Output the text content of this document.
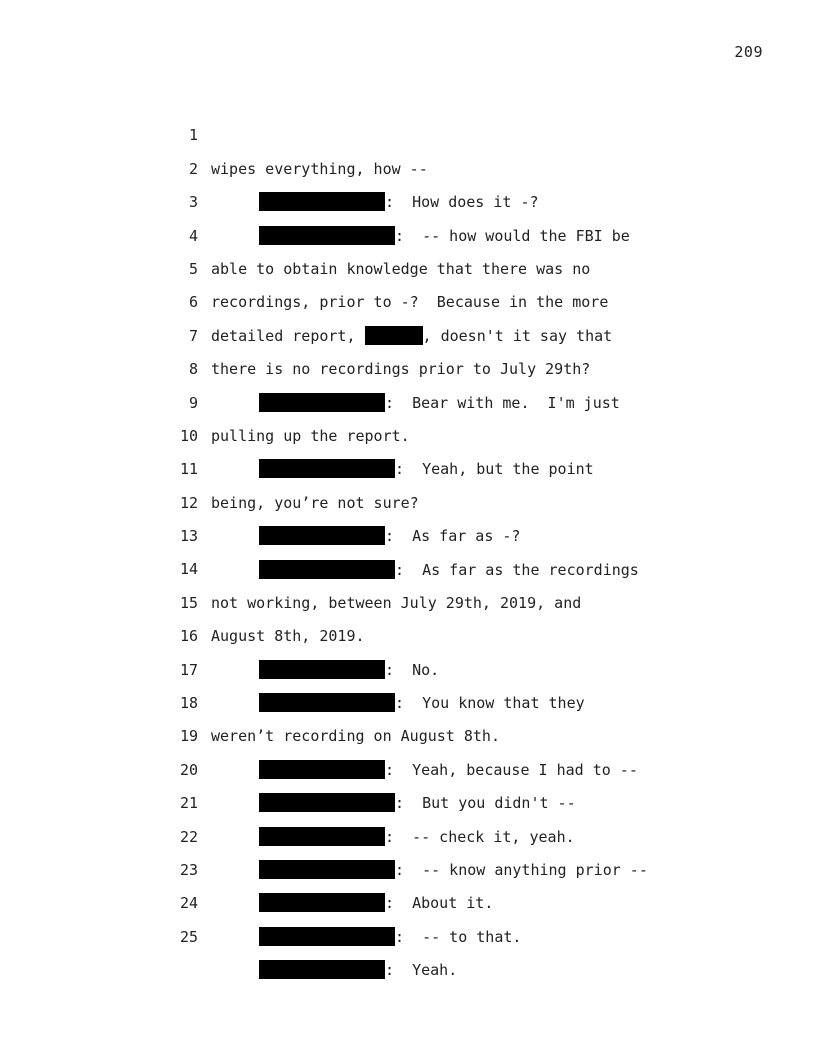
209

1

wipes everything, how --

2

:  How does it -?

3

:  -- how would the FBI be

4

able to obtain knowledge that there was no

5

recordings, prior to -?  Because in the more

6

detailed report,	, doesn't it say that

7

there is no recordings prior to July 29th?

8

:  Bear with me.  I'm just

9

pulling up the report.

10

:  Yeah, but the point

11

being, you’re not sure?

12

:  As far as -?

13

:  As far as the recordings

14

not working, between July 29th, 2019, and

15

August 8th, 2019.

16

:  No.

17

:  You know that they

18

weren’t recording on August 8th.

19

:  Yeah, because I had to --

20

:  But you didn't --

21

:  -- check it, yeah.

22

:  -- know anything prior --

23

:  About it.

24

:  -- to that.

25

:  Yeah.
